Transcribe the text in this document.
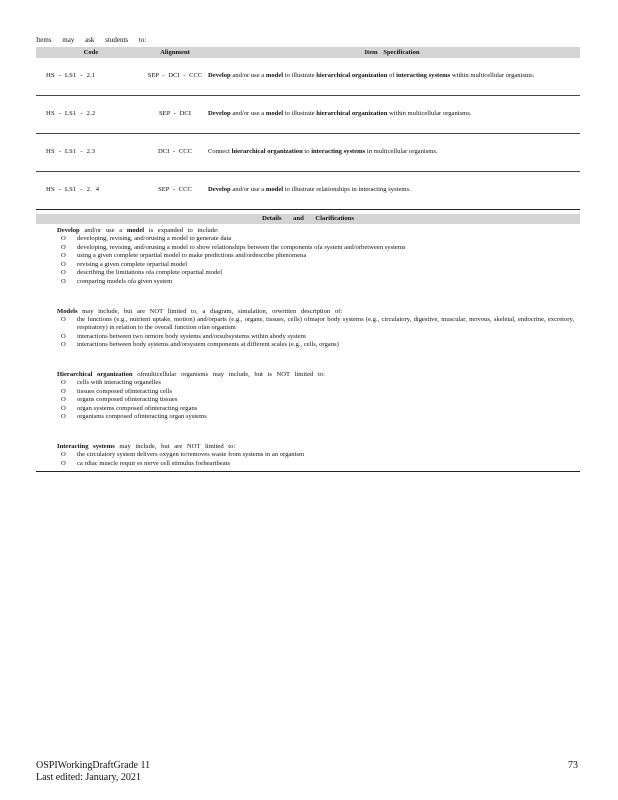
Items may ask students to:

Code	Alignment	Item Specification
HS - LS1 - 2.1	SEP - DCI - CCC	Develop and/or use a model to illustrate hierarchical organization of interacting systems within multicellular organisms.
HS - LS1 - 2.2	SEP - DCI	Develop and/or use a model to illustrate hierarchical organization within multicellular organisms.
HS - LS1 - 2.3	DCI - CCC	Connect hierarchical organization to interacting systems in multicellular organisms.
HS - LS1 - 2. 4	SEP - CCC	Develop and/or use a model to illustrate relationships in interacting systems.
Details and Clarifications
Develop and/or use a model is expanded to include:
O developing, revising, and/orusing a model to generate data
O developing, revising, and/orusing a model to show relationships between the components ofa system and/orbetween systems
O using a given complete orpartial model to make predictions and/ordescribe phenomena
O revising a given complete orpartial model
O describing the limitations ofa complete orpartial model
O comparing models ofa given system
Models may include, but are NOT limited to, a diagram, simulation, orwritten description of:
O the functions (e.g., nutrient uptake, motion) and/orparts (e.g., organs, tissues, cells) ofmajor body systems (e.g., circulatory, digestive, muscular, nervous, skeletal, endocrine, excretory, respiratory) in relation to the overall function ofan organism
O interactions between two ormore body systems and/orsubsystems within abody system
O interactions between body systems and/orsystem components at different scales (e.g., cells, organs)
Hierarchical organization ofmulticellular organisms may include, but is NOT limited to:
O cells with interacting organelles
O tissues composed ofinteracting cells
O organs composed ofinteracting tissues
O organ systems composed ofinteracting organs
O organisms composed ofinteracting organ systems
Interacting systems may include, but are NOT limited to:
O the circulatory system delivers oxygen to/removes waste from systems in an organism
O ca rdiac muscle requir es nerve cell stimulus forheartbeats
OSPIWorkingDraftGrade 11
Last edited: January, 2021
73
